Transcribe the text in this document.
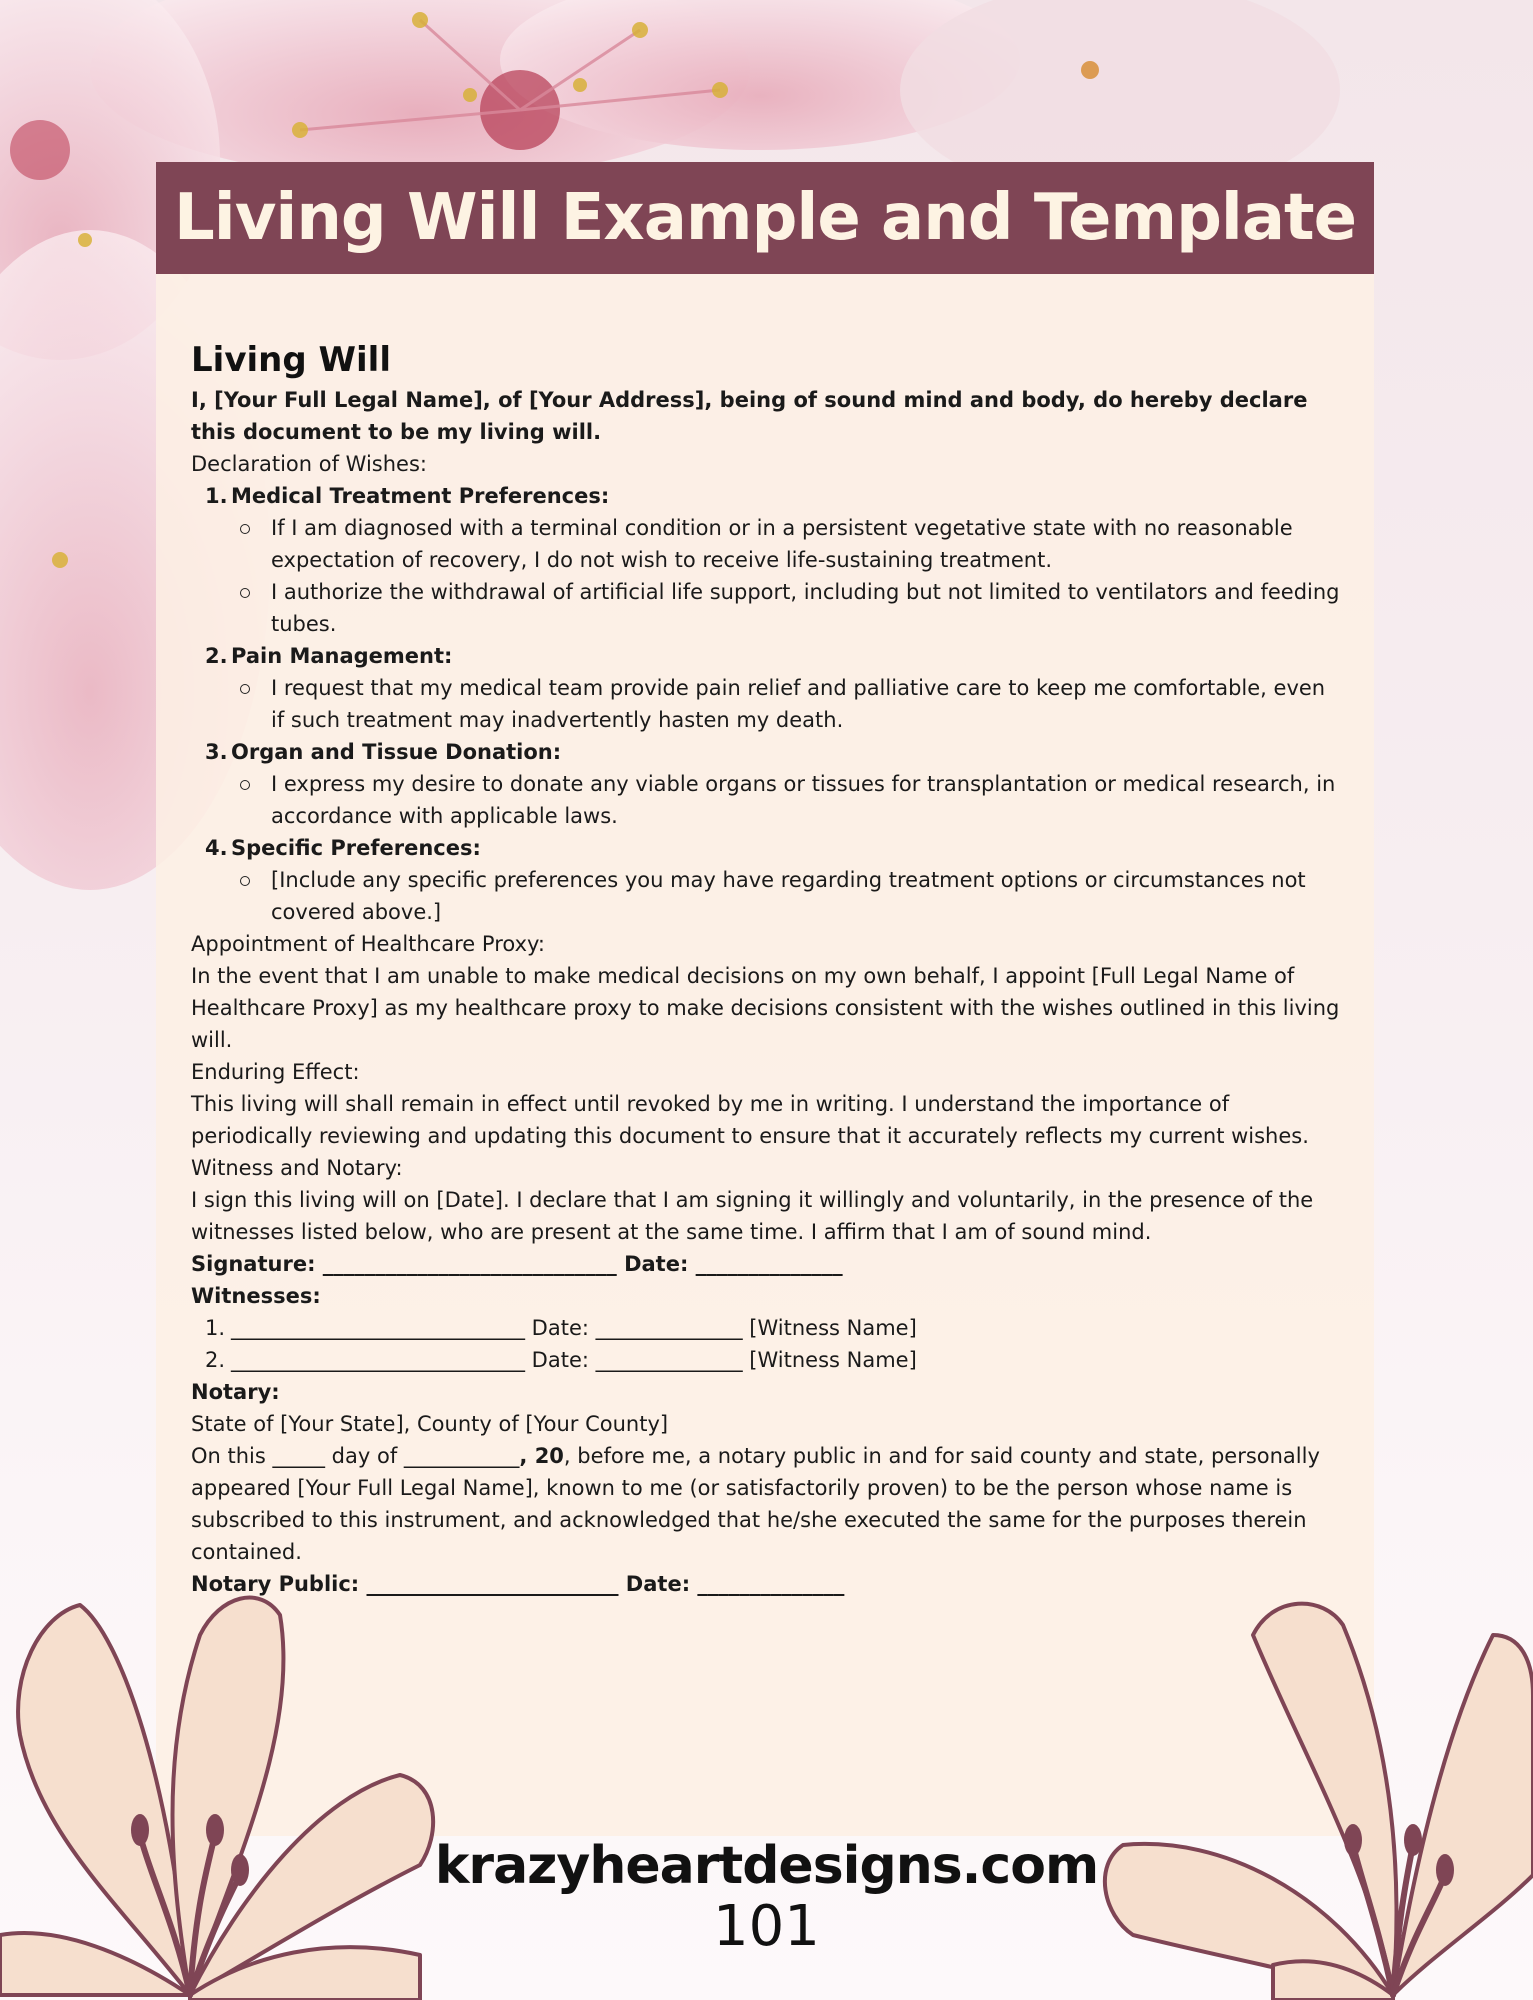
Living Will Example and Template

Living Will

I, [Your Full Legal Name], of [Your Address], being of sound mind and body, do hereby declare this document to be my living will.

Declaration of Wishes:

1. Medical Treatment Preferences:
If I am diagnosed with a terminal condition or in a persistent vegetative state with no reasonable expectation of recovery, I do not wish to receive life-sustaining treatment.
I authorize the withdrawal of artificial life support, including but not limited to ventilators and feeding tubes.
2. Pain Management:
I request that my medical team provide pain relief and palliative care to keep me comfortable, even if such treatment may inadvertently hasten my death.
3. Organ and Tissue Donation:
I express my desire to donate any viable organs or tissues for transplantation or medical research, in accordance with applicable laws.
4. Specific Preferences:
[Include any specific preferences you may have regarding treatment options or circumstances not covered above.]

Appointment of Healthcare Proxy:

In the event that I am unable to make medical decisions on my own behalf, I appoint [Full Legal Name of Healthcare Proxy] as my healthcare proxy to make decisions consistent with the wishes outlined in this living will.

Enduring Effect:

This living will shall remain in effect until revoked by me in writing. I understand the importance of periodically reviewing and updating this document to ensure that it accurately reflects my current wishes.

Witness and Notary:

I sign this living will on [Date]. I declare that I am signing it willingly and voluntarily, in the presence of the witnesses listed below, who are present at the same time. I affirm that I am of sound mind.

Signature: ____________________________ Date: ______________

Witnesses:

1. ____________________________ Date: ______________ [Witness Name]
2. ____________________________ Date: ______________ [Witness Name]

Notary:

State of [Your State], County of [Your County]

On this _____ day of ___________, 20, before me, a notary public in and for said county and state, personally appeared [Your Full Legal Name], known to me (or satisfactorily proven) to be the person whose name is subscribed to this instrument, and acknowledged that he/she executed the same for the purposes therein contained.

Notary Public: ________________________ Date: ______________

krazyheartdesigns.com
101
